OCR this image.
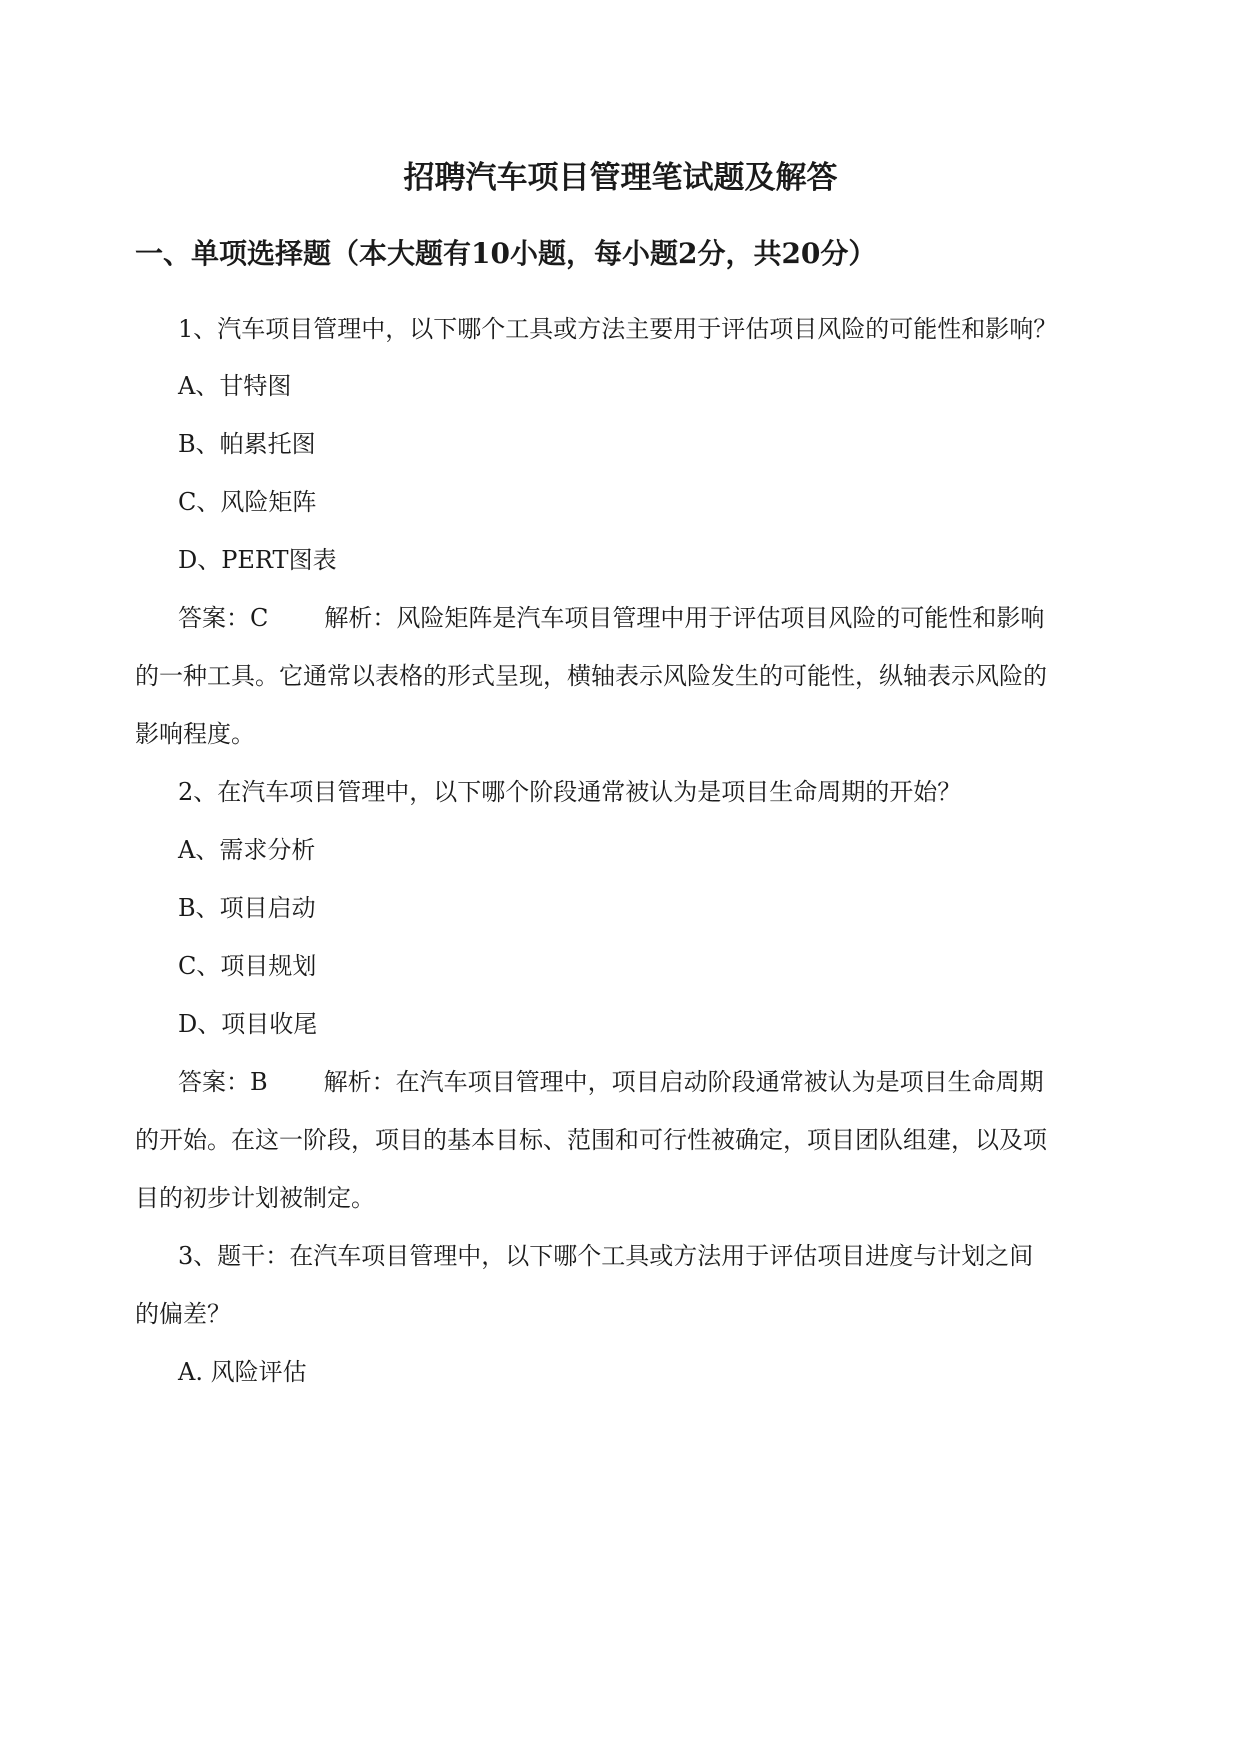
招聘汽车项目管理笔试题及解答
一、单项选择题（本大题有10小题，每小题2分，共20分）
1、汽车项目管理中，以下哪个工具或方法主要用于评估项目风险的可能性和影响？
A、甘特图
B、帕累托图
C、风险矩阵
D、PERT图表
答案：C 解析：风险矩阵是汽车项目管理中用于评估项目风险的可能性和影响
的一种工具。它通常以表格的形式呈现，横轴表示风险发生的可能性，纵轴表示风险的
影响程度。
2、在汽车项目管理中，以下哪个阶段通常被认为是项目生命周期的开始？
A、需求分析
B、项目启动
C、项目规划
D、项目收尾
答案：B 解析：在汽车项目管理中，项目启动阶段通常被认为是项目生命周期
的开始。在这一阶段，项目的基本目标、范围和可行性被确定，项目团队组建，以及项
目的初步计划被制定。
3、题干：在汽车项目管理中，以下哪个工具或方法用于评估项目进度与计划之间
的偏差？
A. 风险评估
